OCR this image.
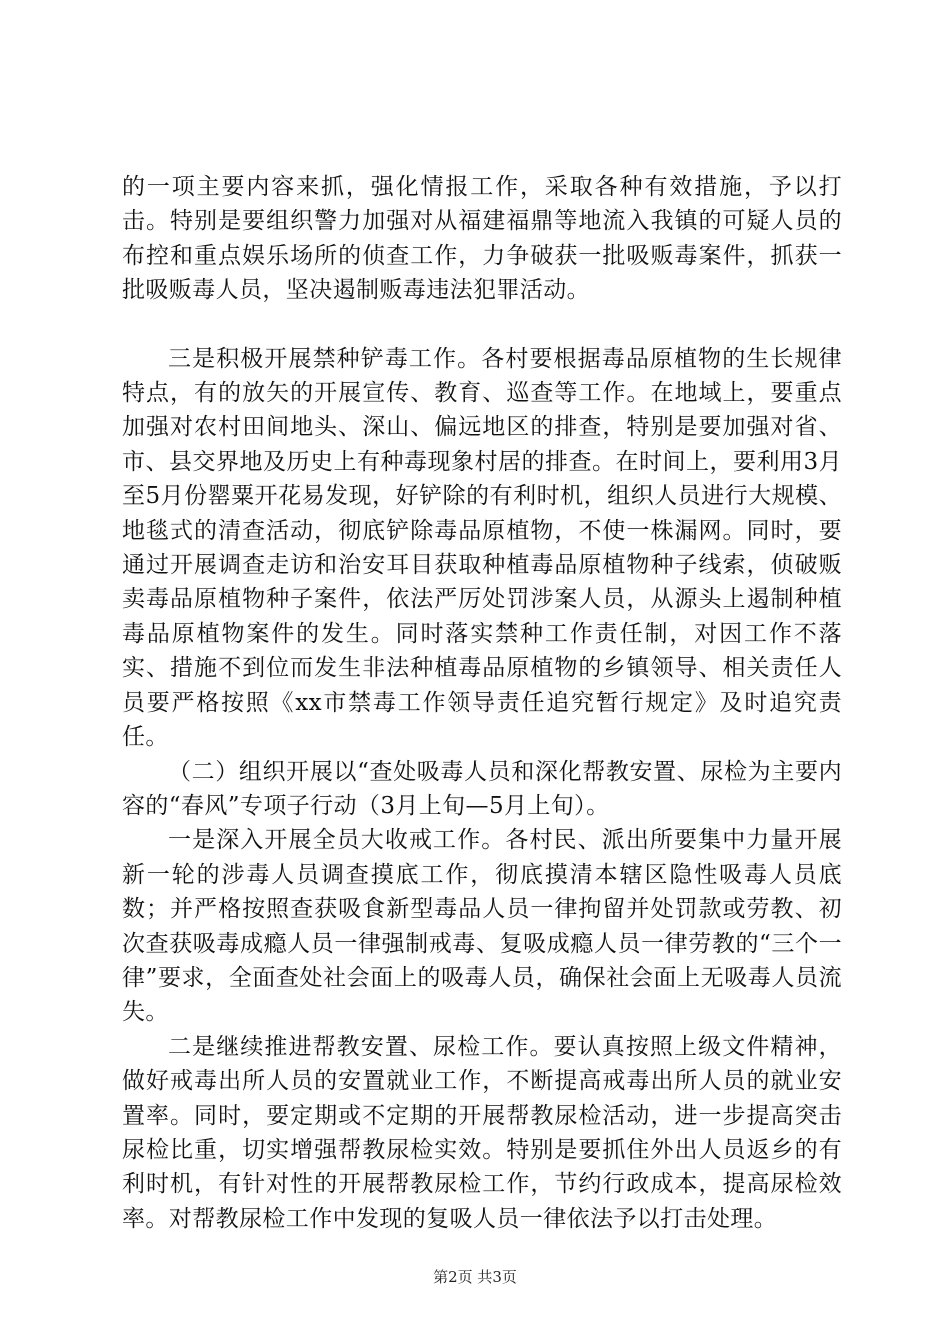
的一项主要内容来抓，强化情报工作，采取各种有效措施，予以打击。特别是要组织警力加强对从福建福鼎等地流入我镇的可疑人员的布控和重点娱乐场所的侦查工作，力争破获一批吸贩毒案件，抓获一批吸贩毒人员，坚决遏制贩毒违法犯罪活动。

三是积极开展禁种铲毒工作。各村要根据毒品原植物的生长规律特点，有的放矢的开展宣传、教育、巡查等工作。在地域上，要重点加强对农村田间地头、深山、偏远地区的排查，特别是要加强对省、市、县交界地及历史上有种毒现象村居的排查。在时间上，要利用3月至5月份罂粟开花易发现，好铲除的有利时机，组织人员进行大规模、地毯式的清查活动，彻底铲除毒品原植物，不使一株漏网。同时，要通过开展调查走访和治安耳目获取种植毒品原植物种子线索，侦破贩卖毒品原植物种子案件，依法严厉处罚涉案人员，从源头上遏制种植毒品原植物案件的发生。同时落实禁种工作责任制，对因工作不落实、措施不到位而发生非法种植毒品原植物的乡镇领导、相关责任人员要严格按照《xx市禁毒工作领导责任追究暂行规定》及时追究责任。

（二）组织开展以“查处吸毒人员和深化帮教安置、尿检为主要内容的“春风”专项子行动（3月上旬—5月上旬）。

一是深入开展全员大收戒工作。各村民、派出所要集中力量开展新一轮的涉毒人员调查摸底工作，彻底摸清本辖区隐性吸毒人员底数；并严格按照查获吸食新型毒品人员一律拘留并处罚款或劳教、初次查获吸毒成瘾人员一律强制戒毒、复吸成瘾人员一律劳教的“三个一律”要求，全面查处社会面上的吸毒人员，确保社会面上无吸毒人员流失。

二是继续推进帮教安置、尿检工作。要认真按照上级文件精神，做好戒毒出所人员的安置就业工作，不断提高戒毒出所人员的就业安置率。同时，要定期或不定期的开展帮教尿检活动，进一步提高突击尿检比重，切实增强帮教尿检实效。特别是要抓住外出人员返乡的有利时机，有针对性的开展帮教尿检工作，节约行政成本，提高尿检效率。对帮教尿检工作中发现的复吸人员一律依法予以打击处理。

第2页 共3页
